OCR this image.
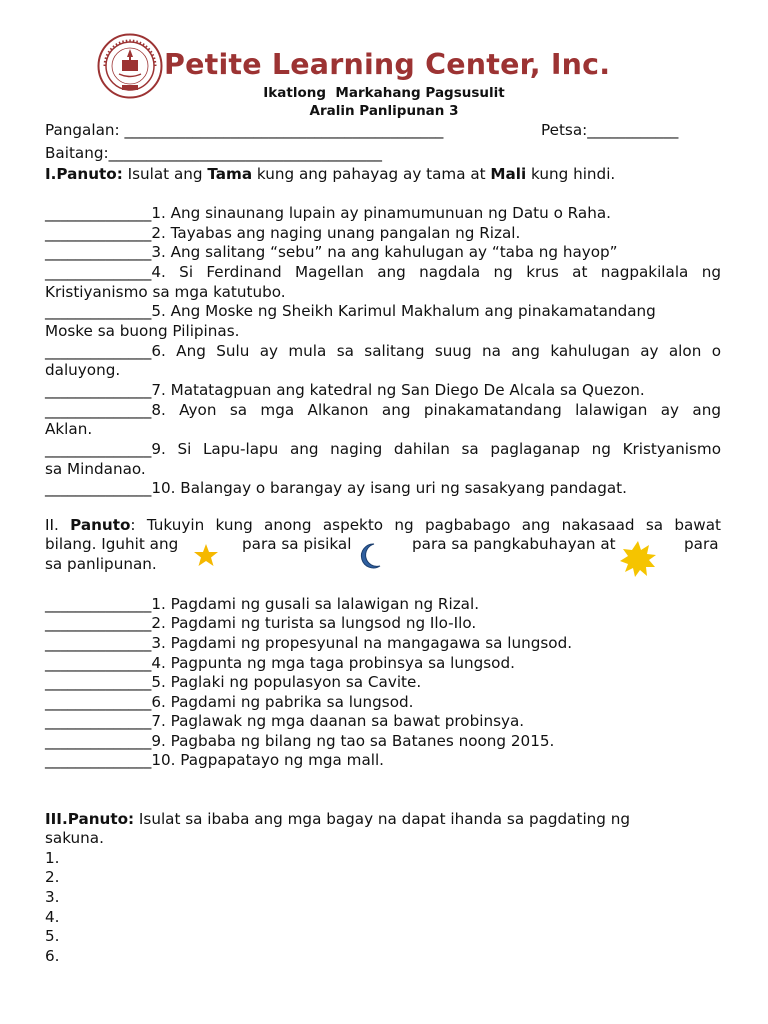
Petite Learning Center, Inc.
Ikatlong  Markahang Pagsusulit
Aralin Panlipunan 3
Pangalan: __________________________________________	Petsa:____________
Baitang:____________________________________
I.Panuto: Isulat ang Tama kung ang pahayag ay tama at Mali kung hindi.
______________1. Ang sinaunang lupain ay pinamumunuan ng Datu o Raha.
______________2. Tayabas ang naging unang pangalan ng Rizal.
______________3. Ang salitang “sebu” na ang kahulugan ay “taba ng hayop”
______________4. Si Ferdinand Magellan ang nagdala ng krus at nagpakilala ng
Kristiyanismo sa mga katutubo.
______________5. Ang Moske ng Sheikh Karimul Makhalum ang pinakamatandang
Moske sa buong Pilipinas.
______________6. Ang Sulu ay mula sa salitang suug na ang kahulugan ay alon o
daluyong.
______________7. Matatagpuan ang katedral ng San Diego De Alcala sa Quezon.
______________8. Ayon sa mga Alkanon ang pinakamatandang lalawigan ay ang
Aklan.
______________9. Si Lapu-lapu ang naging dahilan sa paglaganap ng Kristyanismo
sa Mindanao.
______________10. Balangay o barangay ay isang uri ng sasakyang pandagat.
II. Panuto: Tukuyin kung anong aspekto ng pagbabago ang nakasaad sa bawat
bilang. Iguhit ang	para sa pisikal	para sa pangkabuhayan at	para
sa panlipunan.
______________1. Pagdami ng gusali sa lalawigan ng Rizal.
______________2. Pagdami ng turista sa lungsod ng Ilo-Ilo.
______________3. Pagdami ng propesyunal na mangagawa sa lungsod.
______________4. Pagpunta ng mga taga probinsya sa lungsod.
______________5. Paglaki ng populasyon sa Cavite.
______________6. Pagdami ng pabrika sa lungsod.
______________7. Paglawak ng mga daanan sa bawat probinsya.
______________9. Pagbaba ng bilang ng tao sa Batanes noong 2015.
______________10. Pagpapatayo ng mga mall.
III.Panuto: Isulat sa ibaba ang mga bagay na dapat ihanda sa pagdating ng
sakuna.
1.
2.
3.
4.
5.
6.
